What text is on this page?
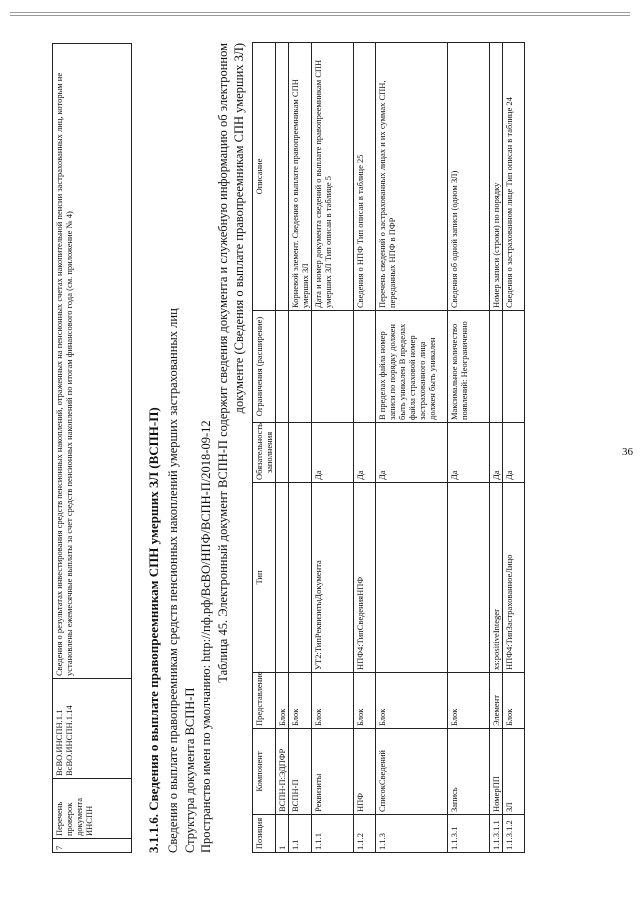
36
7	Перечень проверок документа ИНСПН	ВсВО.ИНСПН.1.1 ВсВО.ИНСПН.1.14	Сведения о результатах инвестирования средств пенсионных накоплений, отраженных на пенсионных счетах накопительной пенсии застрахованных лиц, которым не установлены ежемесячные выплаты за счет средств пенсионных накоплений по итогам финансового года (см. приложение № 4)	3.1.1.6. Сведения о выплате правопреемникам СПН умерших ЗЛ (ВСПН-П) Сведения о выплате правопреемникам средств пенсионных накоплений умерших застрахованных лиц Структура документа ВСПН-П Пространство имен по умолчанию: http://пф.рф/ВсВО/НПФ/ВСПН-П/2018-09-12 Таблица 45. Электронный документ ВСПН-П содержит сведения документа и служебную информацию об электронном документе (Сведения о выплате правопреемникам СПН умерших ЗЛ)
Позиция	Компонент	Представление	Тип	Обязательность заполнения	Ограничения (расширение)	Описание
1	ВСПН-П:ЭДПФР	Блок				
1.1	ВСПН-П	Блок				Корневой элемент. Сведения о выплате правопреемникам СПН умерших ЗЛ
1.1.1	Реквизиты	Блок	УТ2:ТипРеквизитыДокумента	Да		Дата и номер документа сведений о выплате правопреемникам СПН умерших ЗЛ Тип описан в таблице 5
1.1.2	НПФ	Блок	НПФ4:ТипСведенияНПФ	Да		Сведения о НПФ Тип описан в таблице 25
1.1.3	СписокСведений	Блок		Да	В пределах файла номер записи по порядку должен быть уникален В пределах файла страховой номер застрахованного лица должен быть уникален	Перечень сведений о застрахованных лицах и их суммах СПН, переданных НПФ в ПФР
1.1.3.1	Запись	Блок		Да	Максимальное количество появлений: Неограниченно	Сведения об одной записи (одном ЗЛ)
1.1.3.1.1	НомерПП	Элемент	xs:positiveInteger	Да		Номер записи (строки) по порядку
1.1.3.1.2	ЗЛ	Блок	НПФ4:ТипЗастрахованноеЛицо	Да		Сведения о застрахованном лице Тип описан в таблице 24
